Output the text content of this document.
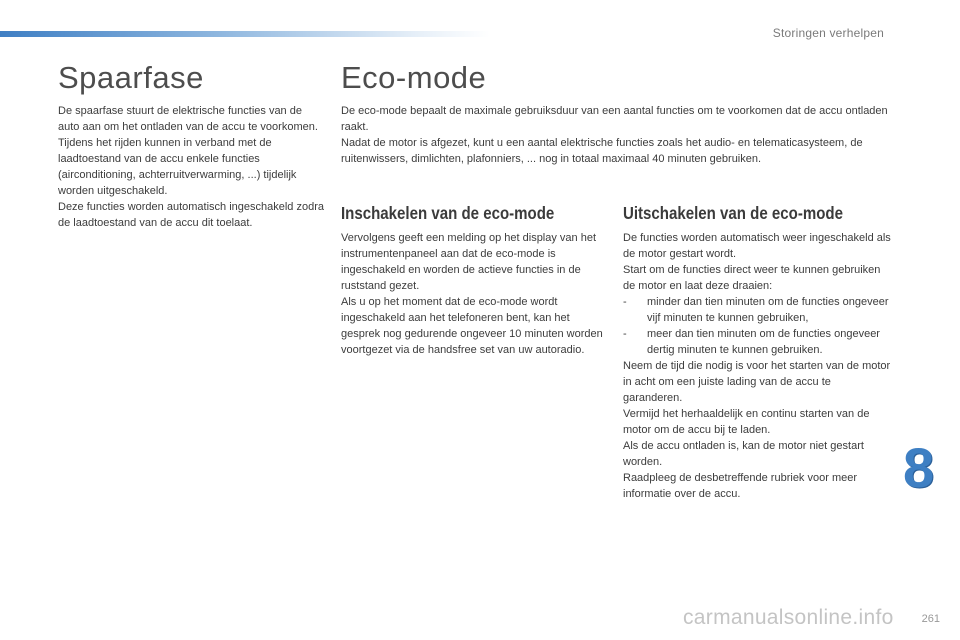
Storingen verhelpen
Spaarfase

De spaarfase stuurt de elektrische functies van de auto aan om het ontladen van de accu te voorkomen.

Tijdens het rijden kunnen in verband met de laadtoestand van de accu enkele functies (airconditioning, achterruitverwarming, ...) tijdelijk worden uitgeschakeld.

Deze functies worden automatisch ingeschakeld zodra de laadtoestand van de accu dit toelaat.

Eco-mode

De eco-mode bepaalt de maximale gebruiksduur van een aantal functies om te voorkomen dat de accu ontladen raakt.

Nadat de motor is afgezet, kunt u een aantal elektrische functies zoals het audio- en telematicasysteem, de ruitenwissers, dimlichten, plafonniers, ... nog in totaal maximaal 40 minuten gebruiken.

Inschakelen van de eco-mode

Vervolgens geeft een melding op het display van het instrumentenpaneel aan dat de eco-mode is ingeschakeld en worden de actieve functies in de ruststand gezet.

Als u op het moment dat de eco-mode wordt ingeschakeld aan het telefoneren bent, kan het gesprek nog gedurende ongeveer 10 minuten worden voortgezet via de handsfree set van uw autoradio.

Uitschakelen van de eco-mode

De functies worden automatisch weer ingeschakeld als de motor gestart wordt.

Start om de functies direct weer te kunnen gebruiken de motor en laat deze draaien:

-	minder dan tien minuten om de functies ongeveer vijf minuten te kunnen gebruiken,
-	meer dan tien minuten om de functies ongeveer dertig minuten te kunnen gebruiken.

Neem de tijd die nodig is voor het starten van de motor in acht om een juiste lading van de accu te garanderen.

Vermijd het herhaaldelijk en continu starten van de motor om de accu bij te laden.

Als de accu ontladen is, kan de motor niet gestart worden.

Raadpleeg de desbetreffende rubriek voor meer informatie over de accu.	8
carmanualsonline.info	261
